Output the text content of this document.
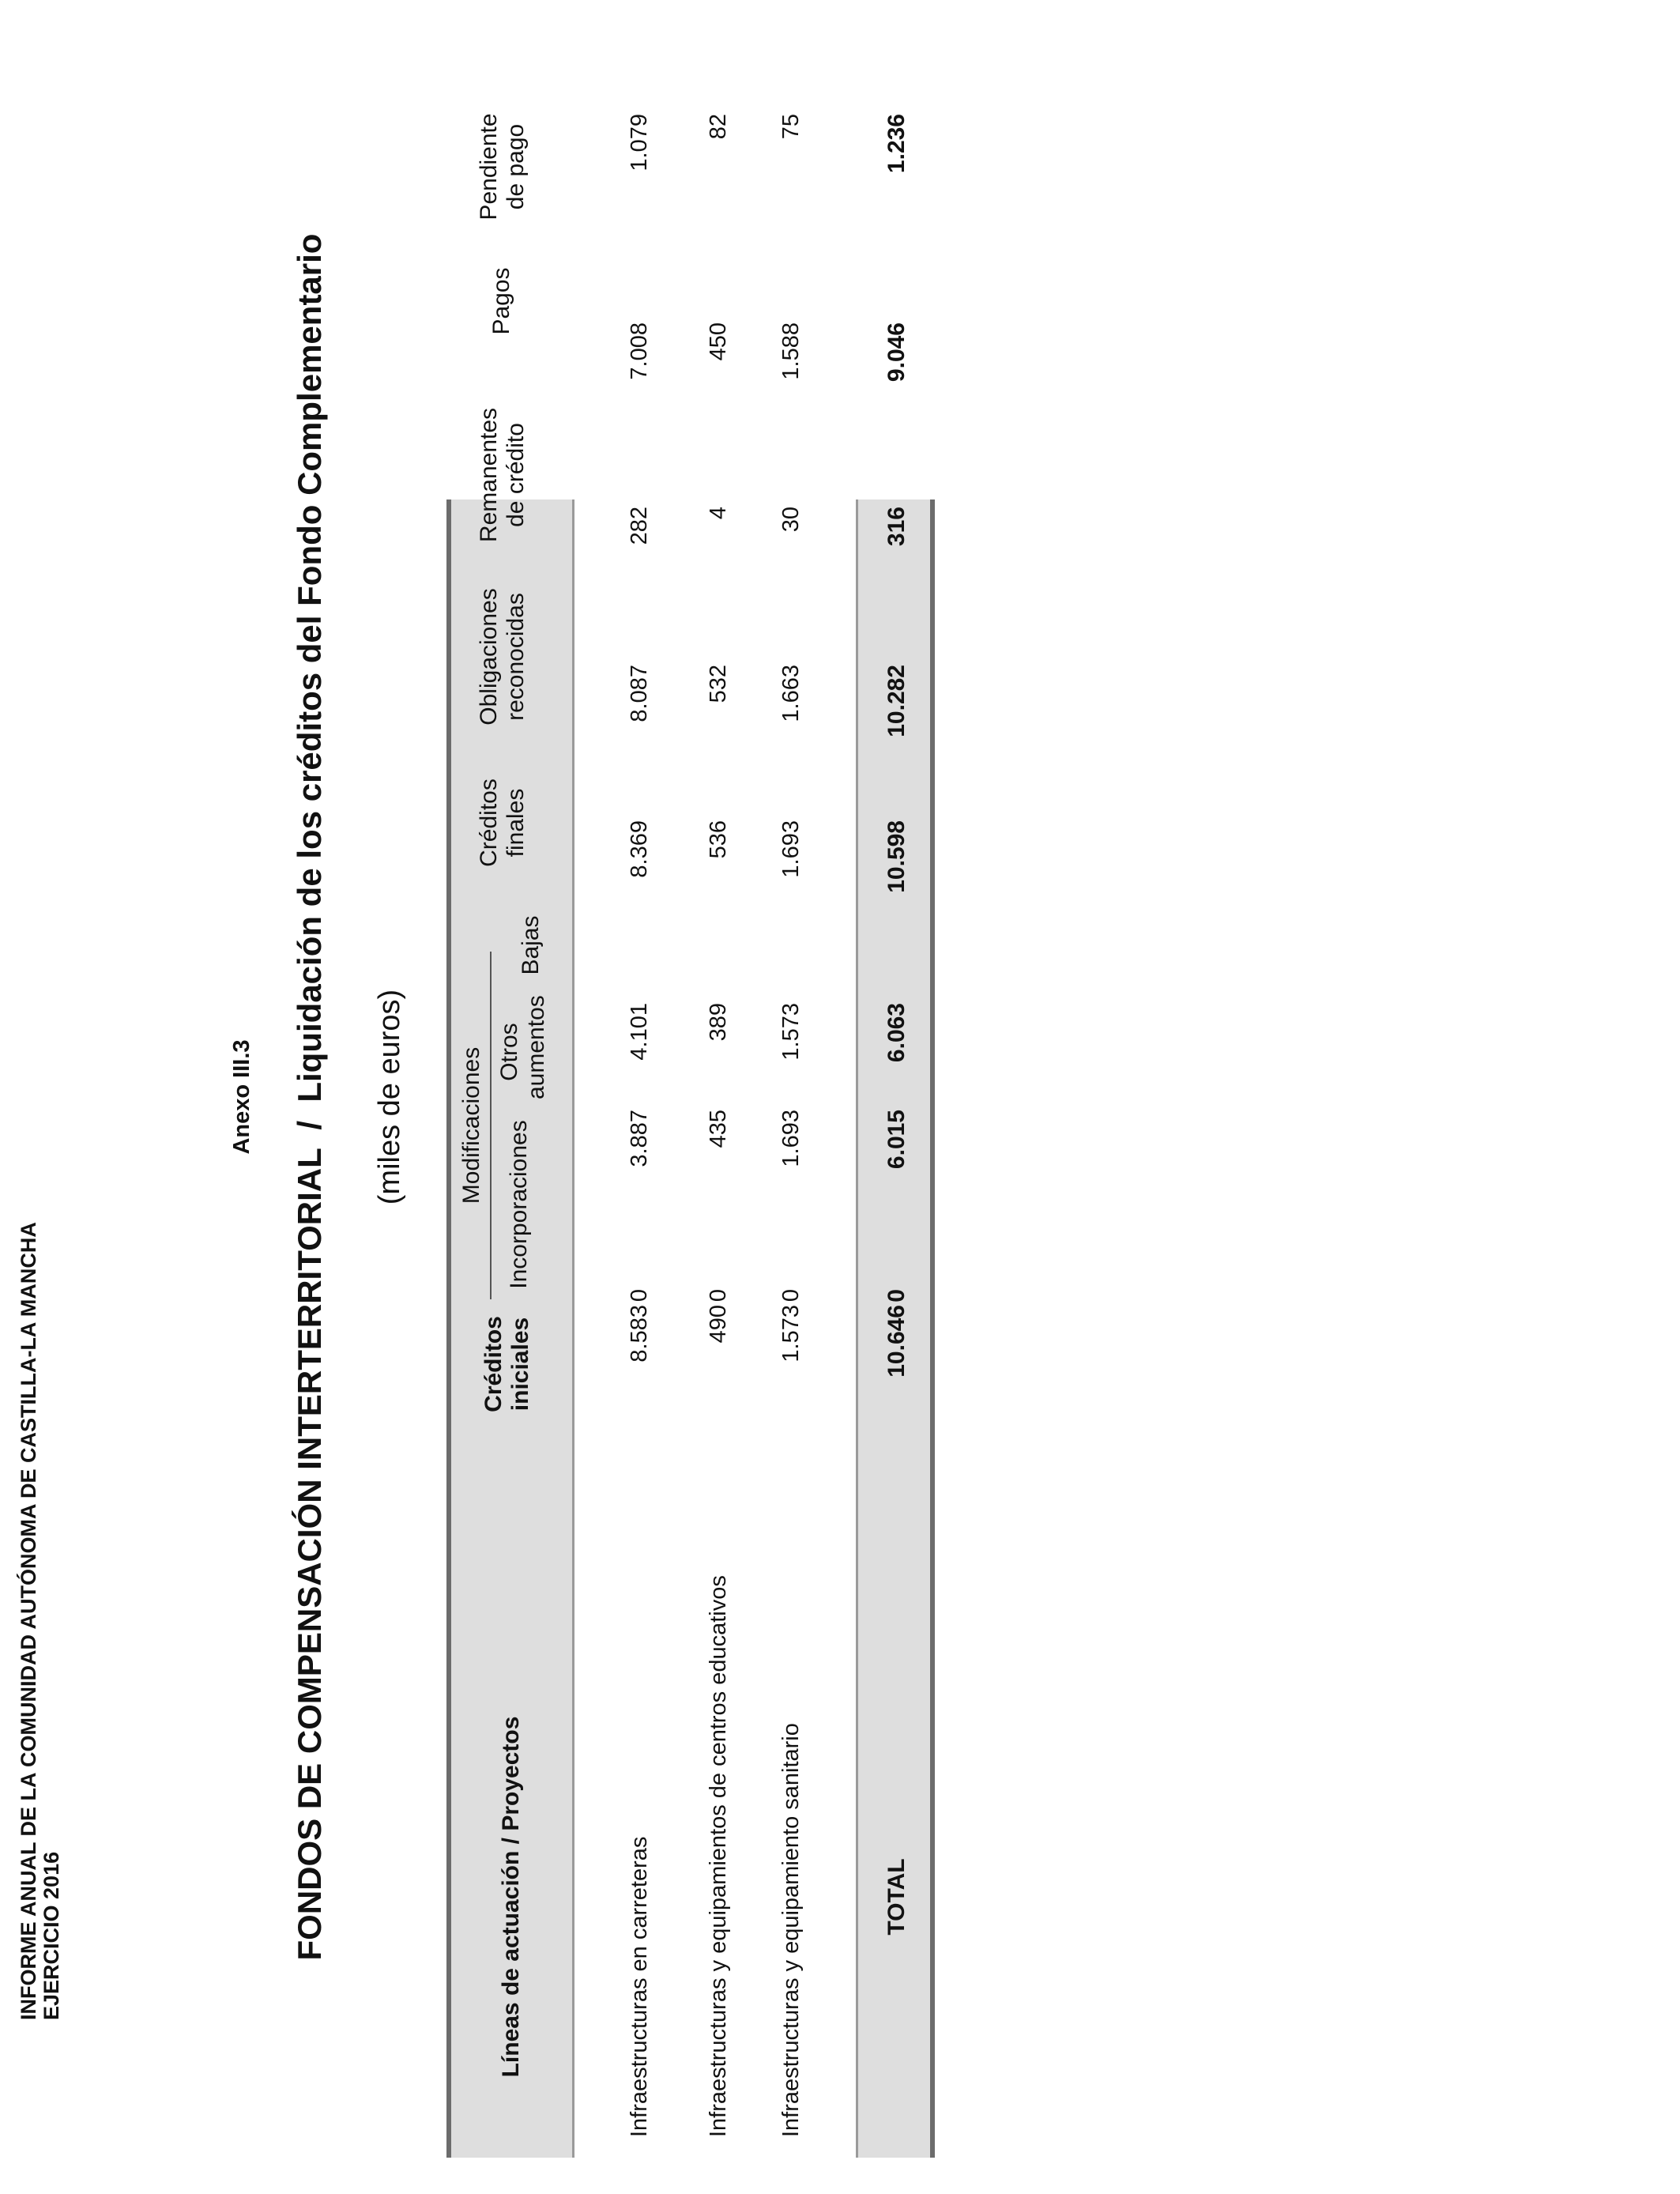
INFORME ANUAL DE LA COMUNIDAD AUTÓNOMA DE CASTILLA-LA MANCHA EJERCICIO 2016
Anexo III.3 FONDOS DE COMPENSACIÓN INTERTERRITORIAL  /  Liquidación de los créditos del Fondo Complementario (miles de euros)
Líneas de actuación / Proyectos
Créditos iniciales
Modificaciones Incorporaciones
Otros aumentos
Bajas
Créditos finales
Obligaciones reconocidas
Remanentes de crédito
Pagos
Pendiente de pago
Infraestructuras en carreteras
8.583
0
3.887
4.101
8.369
8.087
282
7.008
1.079
Infraestructuras y equipamientos de centros educativos
490
0
435
389
536
532
4
450
82
Infraestructuras y equipamiento sanitario
1.573
0
1.693
1.573
1.693
1.663
30
1.588
75
TOTAL
10.646
0
6.015
6.063
10.598
10.282
316
9.046
1.236
